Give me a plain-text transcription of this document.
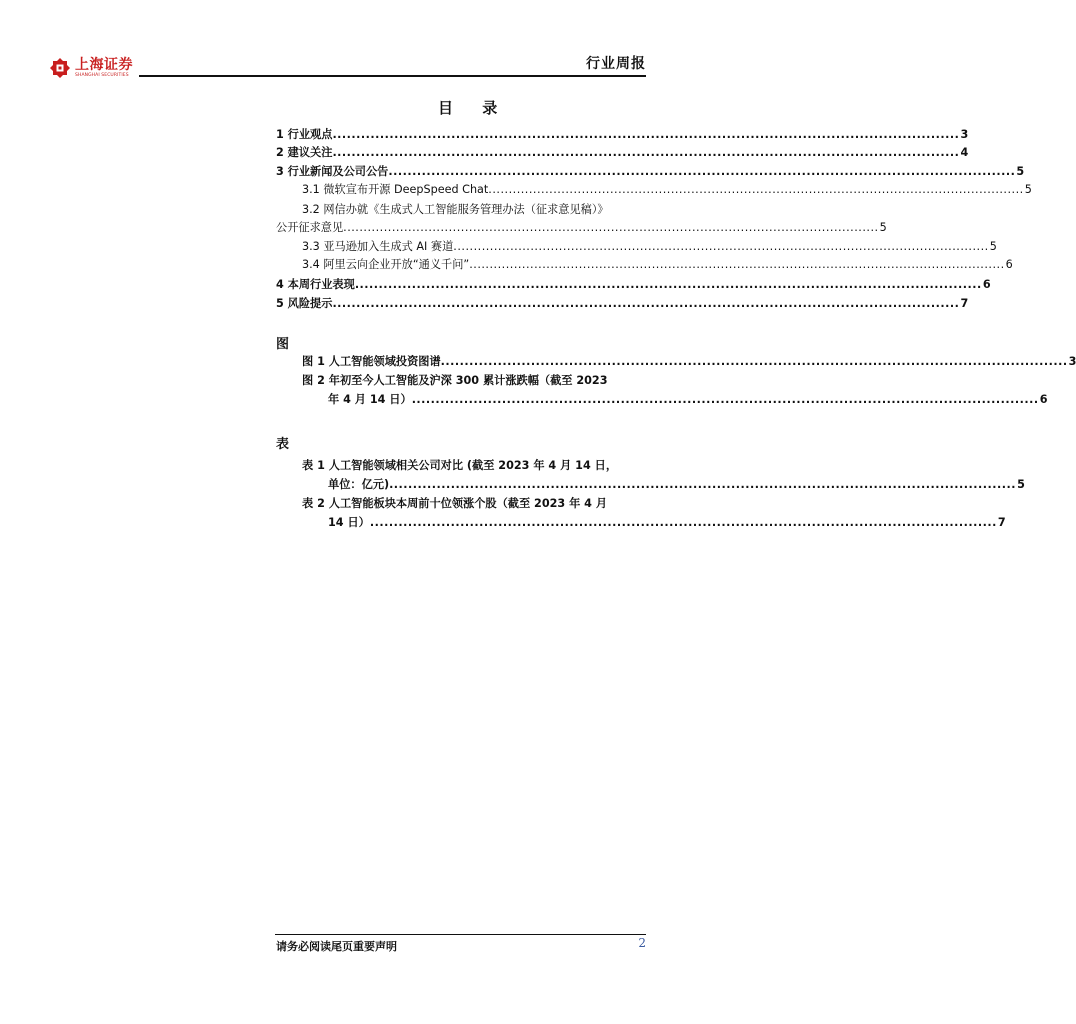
上海证券
SHANGHAI SECURITIES
行业周报
目 录
1 行业观点 .................................................................................................................................... 3
2 建议关注 .................................................................................................................................... 4
3 行业新闻及公司公告 .................................................................................................................................... 5
3.1 微软宣布开源 DeepSpeed Chat .................................................................................................................................... 5
3.2 网信办就《生成式人工智能服务管理办法（征求意见稿）》
公开征求意见 .................................................................................................................................... 5
3.3 亚马逊加入生成式 AI 赛道 .................................................................................................................................... 5
3.4 阿里云向企业开放“通义千问” .................................................................................................................................... 6
4 本周行业表现 .................................................................................................................................... 6
5 风险提示 .................................................................................................................................... 7
图
图 1 人工智能领域投资图谱 .................................................................................................................................... 3
图 2 年初至今人工智能及沪深 300 累计涨跌幅（截至 2023
年 4 月 14 日） .................................................................................................................................... 6
表
表 1 人工智能领域相关公司对比 (截至 2023 年 4 月 14 日，
单位：亿元) .................................................................................................................................... 5
表 2 人工智能板块本周前十位领涨个股（截至 2023 年 4 月
14 日） .................................................................................................................................... 7
请务必阅读尾页重要声明	2
